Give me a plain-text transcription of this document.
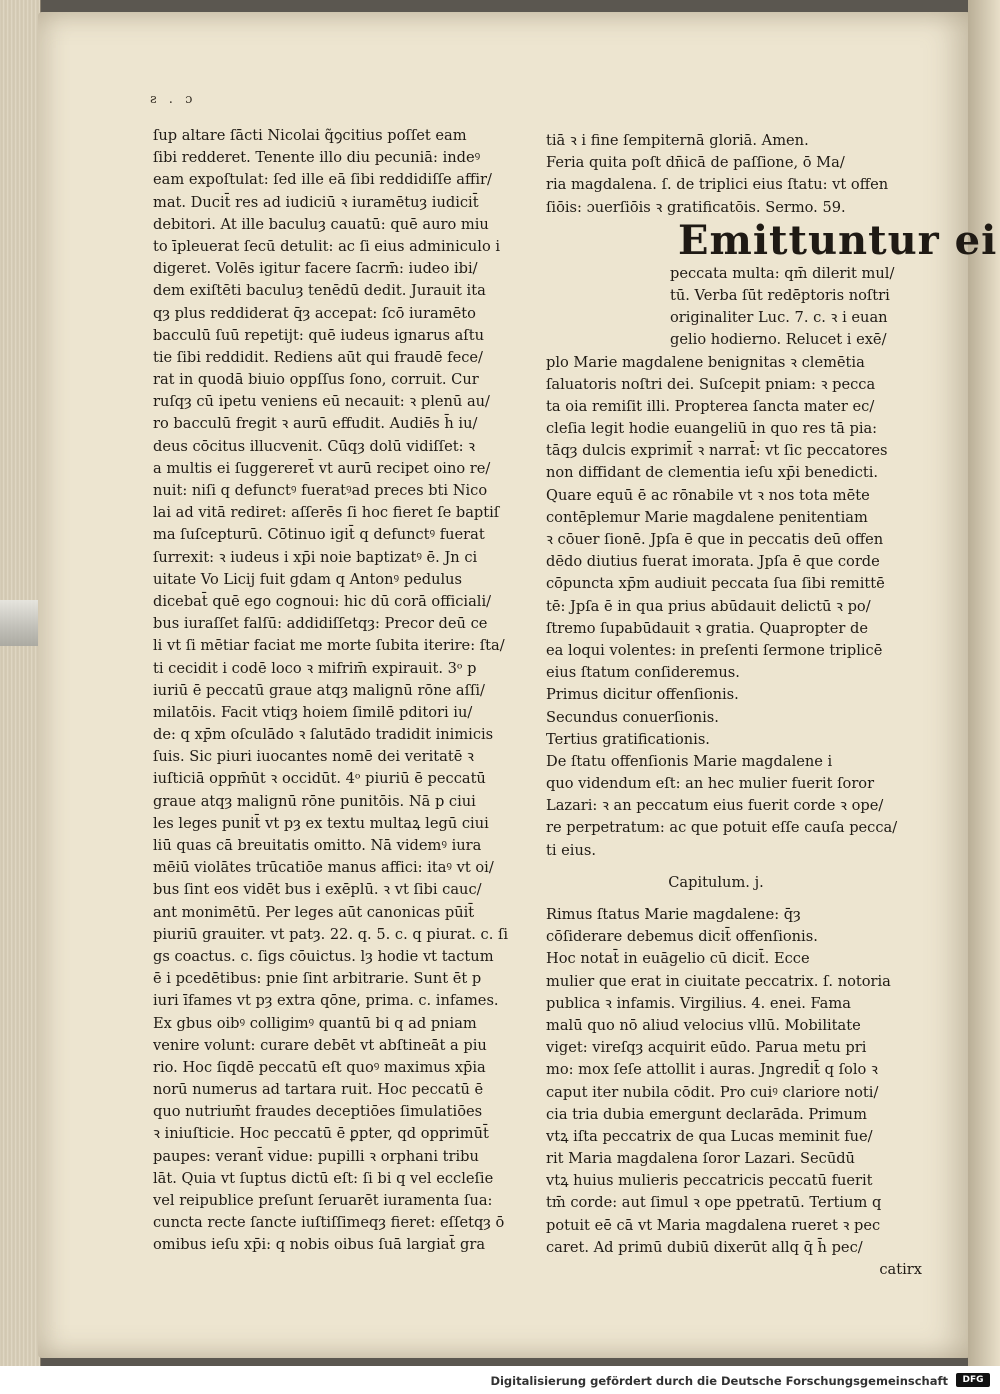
ƨ . ɔ
ſup altare ſācti Nicolai q̃ꝯcitius poſſet eam
ſibi redderet. Tenente illo diu pecuniā: indeꝰ
eam expoſtulat: ſed ille eā ſibi reddidiſſe affir/
mat. Ducit̄ res ad iudiciū ꝛ iuramētuȝ iudicit̄
debitori. At ille baculuȝ cauatū: quē auro miu
to īpleuerat ſecū detulit: ac ſi eius adminiculo i
digeret. Volēs igitur facere ſacrm̄: iudeo ibi/
dem exiſtēti baculuȝ tenēdū dedit. Jurauit ita
qȝ plus reddiderat q̄ȝ accepat: ſcō iuramēto
bacculū ſuū repetijt: quē iudeus ignarus aſtu
tie ſibi reddidit. Rediens aūt qui fraudē fece/
rat in quodā biuio oppſſus ſono, corruit. Cur
ruſqȝ cū ipetu veniens eū necauit: ꝛ plenū au/
ro bacculū fregit ꝛ aurū effudit. Audiēs h̄ iu/
deus cōcitus illucvenit. Cūqȝ dolū vidiſſet: ꝛ
a multis ei ſuggereret̄ vt aurū recipet oino re/
nuit: niſi q defunctꝰ fueratꝰad preces bti Nico
lai ad vitā rediret: aſſerēs ſi hoc fieret ſe baptiſ
ma ſuſcepturū. Cōtinuo igit̄ q defunctꝰ fuerat
ſurrexit: ꝛ iudeus i xp̄i noie baptizatꝰ ē. Jn ci
uitate Vo Licij fuit gdam q Antonꝰ pedulus
dicebat̄ quē ego cognoui: hic dū corā officiali/
bus iuraſſet falſū: addidiſſetqȝ: Precor deū ce
li vt ſi mētiar faciat me morte ſubita iterire: ſta/
ti cecidit i codē loco ꝛ mifrim̄ expirauit. 3ᵒ p
iuriū ē peccatū graue atqȝ malignū rōne aſſi/
milatōis. Facit vtiqȝ hoiem ſimilē pditori iu/
de: q xp̄m oſculādo ꝛ ſalutādo tradidit inimicis
ſuis. Sic piuri iuocantes nomē dei veritatē ꝛ
iuſticiā oppm̄ūt ꝛ occidūt. 4ᵒ piuriū ē peccatū
graue atqȝ malignū rōne punitōis. Nā p ciui
les leges punit̄ vt pȝ ex textu multaꝝ legū ciui
liū quas cā breuitatis omitto. Nā videmꝰ iura
mēiū violātes trūcatiōe manus affici: itaꝰ vt oi/
bus ſint eos vidēt bus i exēplū. ꝛ vt ſibi cauc/
ant monimētū. Per leges aūt canonicas pūit̄
piuriū grauiter. vt patȝ. 22. q. 5. c. q piurat. c. ſi
gs coactus. c. ſigs cōuictus. lȝ hodie vt tactum
ē i pcedētibus: pnie ſint arbitrarie. Sunt ēt p
iuri īfames vt pȝ extra qōne, prima. c. infames.
Ex gbus oibꝰ colligimꝰ quantū bi q ad pniam
venire volunt: curare debēt vt abſtineāt a piu
rio. Hoc ſiqdē peccatū eſt quoꝰ maximus xp̄ia
norū numerus ad tartara ruit. Hoc peccatū ē
quo nutrium̄t fraudes deceptiōes ſimulatiōes
ꝛ iniuſticie. Hoc peccatū ē ꝑpter, qd opprimūt̄
paupes: verant̄ vidue: pupilli ꝛ orphani tribu
lāt. Quia vt ſuptus dictū eſt: ſi bi q vel eccleſie
vel reipublice preſunt ſeruarēt iuramenta ſua:
cuncta recte ſancte iuſtiſſimeqȝ fieret: eſſetqȝ ō
omibus ieſu xp̄i: q nobis oibus ſuā largiat̄ gra
tiā ꝛ i fine ſempiternā gloriā. Amen.
Feria quita poſt dn̄icā de paſſione, ō Ma/
ria magdalena. ſ. de triplici eius ſtatu: vt offen
ſiōis: ɔuerſiōis ꝛ gratificatōis. Sermo. 59.
Emittuntur ei
peccata multa: qm̄ dilerit mul/
tū. Verba ſūt redēptoris noſtri
originaliter Luc. 7. c. ꝛ i euan
gelio hodierno. Relucet i exē/
plo Marie magdalene benignitas ꝛ clemētia
ſaluatoris noſtri dei. Suſcepit pniam: ꝛ pecca
ta oia remiſit illi. Propterea ſancta mater ec/
cleſia legit hodie euangeliū in quo res tā pia:
tāqȝ dulcis exprimit̄ ꝛ narrat̄: vt ſic peccatores
non diffidant de clementia ieſu xp̄i benedicti.
Quare equū ē ac rōnabile vt ꝛ nos tota mēte
contēplemur Marie magdalene penitentiam
ꝛ cōuer ſionē. Jpſa ē que in peccatis deū offen
dēdo diutius fuerat imorata. Jpſa ē que corde
cōpuncta xp̄m audiuit peccata ſua ſibi remittē
tē: Jpſa ē in qua prius abūdauit delictū ꝛ po/
ſtremo ſupabūdauit ꝛ gratia. Quapropter de
ea loqui volentes: in preſenti ſermone triplicē
eius ſtatum conſideremus.
Primus dicitur offenſionis.
Secundus conuerſionis.
Tertius gratificationis.
De ſtatu offenſionis Marie magdalene i
quo videndum eſt: an hec mulier fuerit ſoror
Lazari: ꝛ an peccatum eius fuerit corde ꝛ ope/
re perpetratum: ac que potuit eſſe cauſa pecca/
ti eius.
Capitulum. j.
Rimus ſtatus Marie magdalene: q̄ȝ
cōſiderare debemus dicit̄ offenſionis.
Hoc notat̄ in euāgelio cū dicit̄. Ecce
mulier que erat in ciuitate peccatrix. ſ. notoria
publica ꝛ infamis. Virgilius. 4. enei. Fama
malū quo nō aliud velocius vllū. Mobilitate
viget: vireſqȝ acquirit eūdo. Parua metu pri
mo: mox ſeſe attollit i auras. Jngredit̄ q ſolo ꝛ
caput iter nubila cōdit. Pro cuiꝰ clariore noti/
cia tria dubia emergunt declarāda. Primum
vtꝝ iſta peccatrix de qua Lucas meminit fue/
rit Maria magdalena ſoror Lazari. Secūdū
vtꝝ huius mulieris peccatricis peccatū fuerit
tm̄ corde: aut ſimul ꝛ ope ppetratū. Tertium q
potuit eē cā vt Maria magdalena rueret ꝛ pec
caret. Ad primū dubiū dixerūt allq q̄ h̄ pec/
catirx
Digitalisierung gefördert durch die Deutsche Forschungsgemeinschaft	DFG
